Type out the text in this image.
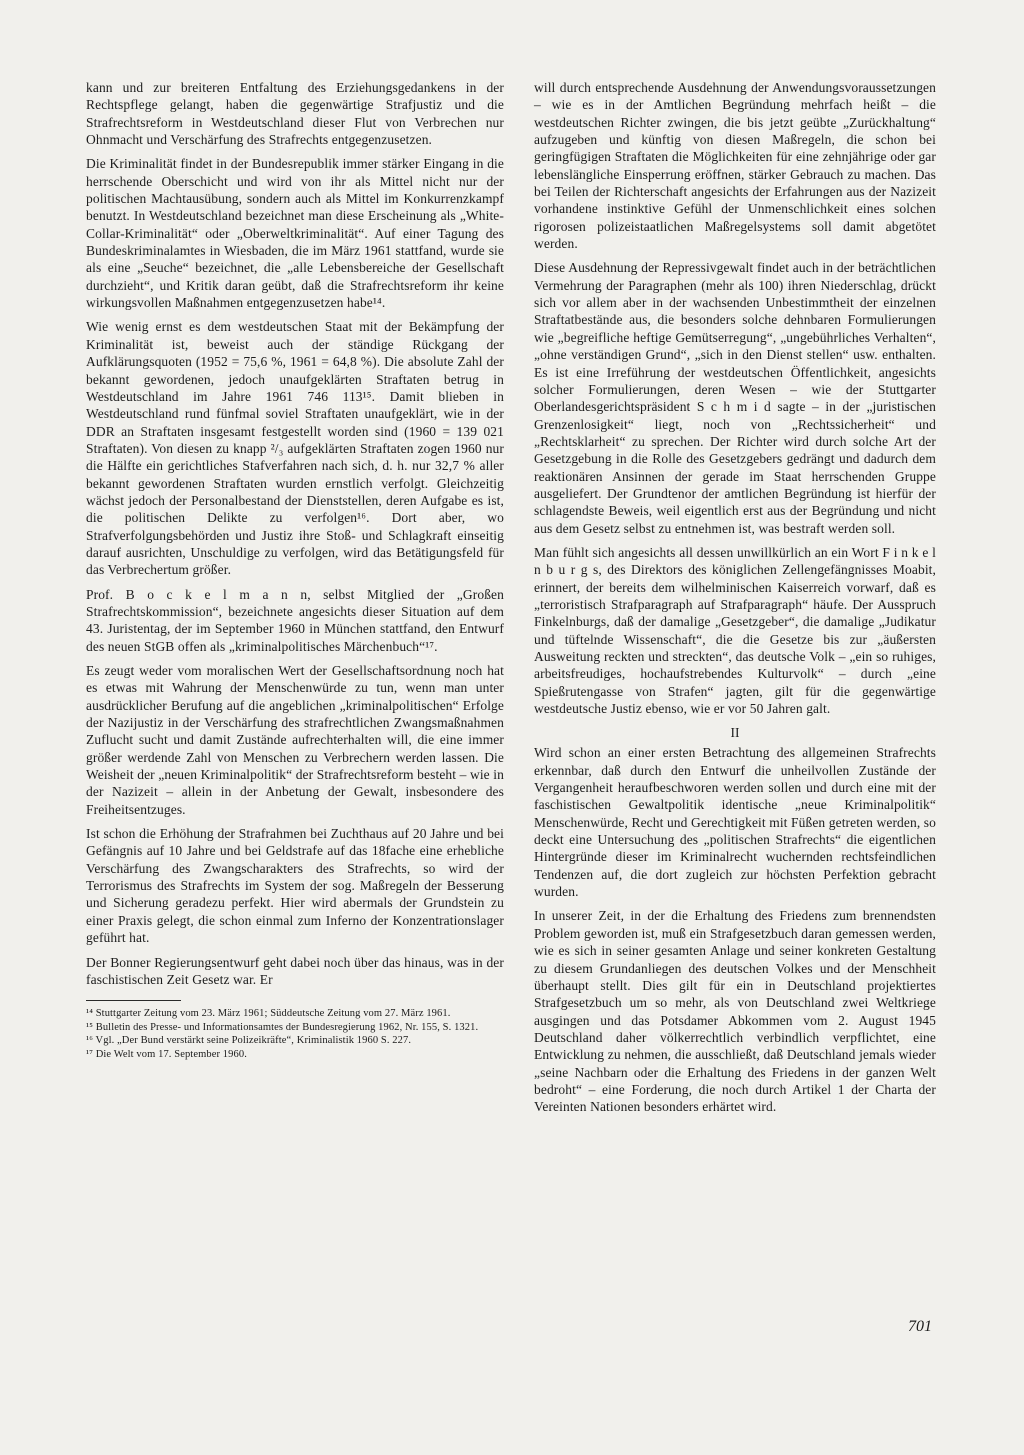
kann und zur breiteren Entfaltung des Erziehungsgedankens in der Rechtspflege gelangt, haben die gegenwärtige Strafjustiz und die Strafrechtsreform in Westdeutschland dieser Flut von Verbrechen nur Ohnmacht und Verschärfung des Strafrechts entgegenzusetzen.

Die Kriminalität findet in der Bundesrepublik immer stärker Eingang in die herrschende Oberschicht und wird von ihr als Mittel nicht nur der politischen Machtausübung, sondern auch als Mittel im Konkurrenzkampf benutzt. In Westdeutschland bezeichnet man diese Erscheinung als „White-Collar-Kriminalität“ oder „Oberweltkriminalität“. Auf einer Tagung des Bundeskriminalamtes in Wiesbaden, die im März 1961 stattfand, wurde sie als eine „Seuche“ bezeichnet, die „alle Lebensbereiche der Gesellschaft durchzieht“, und Kritik daran geübt, daß die Strafrechtsreform ihr keine wirkungsvollen Maßnahmen entgegenzusetzen habe¹⁴.

Wie wenig ernst es dem westdeutschen Staat mit der Bekämpfung der Kriminalität ist, beweist auch der ständige Rückgang der Aufklärungsquoten (1952 = 75,6 %, 1961 = 64,8 %). Die absolute Zahl der bekannt gewordenen, jedoch unaufgeklärten Straftaten betrug in Westdeutschland im Jahre 1961 746 113¹⁵. Damit blieben in Westdeutschland rund fünfmal soviel Straftaten unaufgeklärt, wie in der DDR an Straftaten insgesamt festgestellt worden sind (1960 = 139 021 Straftaten). Von diesen zu knapp ²/₃ aufgeklärten Straftaten zogen 1960 nur die Hälfte ein gerichtliches Stafverfahren nach sich, d. h. nur 32,7 % aller bekannt gewordenen Straftaten wurden ernstlich verfolgt. Gleichzeitig wächst jedoch der Personalbestand der Dienststellen, deren Aufgabe es ist, die politischen Delikte zu verfolgen¹⁶. Dort aber, wo Strafverfolgungsbehörden und Justiz ihre Stoß- und Schlagkraft einseitig darauf ausrichten, Unschuldige zu verfolgen, wird das Betätigungsfeld für das Verbrechertum größer.

Prof. B o c k e l m a n n, selbst Mitglied der „Großen Strafrechtskommission“, bezeichnete angesichts dieser Situation auf dem 43. Juristentag, der im September 1960 in München stattfand, den Entwurf des neuen StGB offen als „kriminalpolitisches Märchenbuch“¹⁷.

Es zeugt weder vom moralischen Wert der Gesellschaftsordnung noch hat es etwas mit Wahrung der Menschenwürde zu tun, wenn man unter ausdrücklicher Berufung auf die angeblichen „kriminalpolitischen“ Erfolge der Nazijustiz in der Verschärfung des strafrechtlichen Zwangsmaßnahmen Zuflucht sucht und damit Zustände aufrechterhalten will, die eine immer größer werdende Zahl von Menschen zu Verbrechern werden lassen. Die Weisheit der „neuen Kriminalpolitik“ der Strafrechtsreform besteht – wie in der Nazizeit – allein in der Anbetung der Gewalt, insbesondere des Freiheitsentzuges.

Ist schon die Erhöhung der Strafrahmen bei Zuchthaus auf 20 Jahre und bei Gefängnis auf 10 Jahre und bei Geldstrafe auf das 18fache eine erhebliche Verschärfung des Zwangscharakters des Strafrechts, so wird der Terrorismus des Strafrechts im System der sog. Maßregeln der Besserung und Sicherung geradezu perfekt. Hier wird abermals der Grundstein zu einer Praxis gelegt, die schon einmal zum Inferno der Konzentrationslager geführt hat.

Der Bonner Regierungsentwurf geht dabei noch über das hinaus, was in der faschistischen Zeit Gesetz war. Er

¹⁴ Stuttgarter Zeitung vom 23. März 1961; Süddeutsche Zeitung vom 27. März 1961.

¹⁵ Bulletin des Presse- und Informationsamtes der Bundesregierung 1962, Nr. 155, S. 1321.

¹⁶ Vgl. „Der Bund verstärkt seine Polizeikräfte“, Kriminalistik 1960 S. 227.

¹⁷ Die Welt vom 17. September 1960.

will durch entsprechende Ausdehnung der Anwendungsvoraussetzungen – wie es in der Amtlichen Begründung mehrfach heißt – die westdeutschen Richter zwingen, die bis jetzt geübte „Zurückhaltung“ aufzugeben und künftig von diesen Maßregeln, die schon bei geringfügigen Straftaten die Möglichkeiten für eine zehnjährige oder gar lebenslängliche Einsperrung eröffnen, stärker Gebrauch zu machen. Das bei Teilen der Richterschaft angesichts der Erfahrungen aus der Nazizeit vorhandene instinktive Gefühl der Unmenschlichkeit eines solchen rigorosen polizeistaatlichen Maßregelsystems soll damit abgetötet werden.

Diese Ausdehnung der Repressivgewalt findet auch in der beträchtlichen Vermehrung der Paragraphen (mehr als 100) ihren Niederschlag, drückt sich vor allem aber in der wachsenden Unbestimmtheit der einzelnen Straftatbestände aus, die besonders solche dehnbaren Formulierungen wie „begreifliche heftige Gemütserregung“, „ungebührliches Verhalten“, „ohne verständigen Grund“, „sich in den Dienst stellen“ usw. enthalten. Es ist eine Irreführung der westdeutschen Öffentlichkeit, angesichts solcher Formulierungen, deren Wesen – wie der Stuttgarter Oberlandesgerichtspräsident S c h m i d sagte – in der „juristischen Grenzenlosigkeit“ liegt, noch von „Rechtssicherheit“ und „Rechtsklarheit“ zu sprechen. Der Richter wird durch solche Art der Gesetzgebung in die Rolle des Gesetzgebers gedrängt und dadurch dem reaktionären Ansinnen der gerade im Staat herrschenden Gruppe ausgeliefert. Der Grundtenor der amtlichen Begründung ist hierfür der schlagendste Beweis, weil eigentlich erst aus der Begründung und nicht aus dem Gesetz selbst zu entnehmen ist, was bestraft werden soll.

Man fühlt sich angesichts all dessen unwillkürlich an ein Wort F i n k e l n b u r g s, des Direktors des königlichen Zellengefängnisses Moabit, erinnert, der bereits dem wilhelminischen Kaiserreich vorwarf, daß es „terroristisch Strafparagraph auf Strafparagraph“ häufe. Der Ausspruch Finkelnburgs, daß der damalige „Gesetzgeber“, die damalige „Judikatur und tüftelnde Wissenschaft“, die die Gesetze bis zur „äußersten Ausweitung reckten und streckten“, das deutsche Volk – „ein so ruhiges, arbeitsfreudiges, hochaufstrebendes Kulturvolk“ – durch „eine Spießrutengasse von Strafen“ jagten, gilt für die gegenwärtige westdeutsche Justiz ebenso, wie er vor 50 Jahren galt.

II

Wird schon an einer ersten Betrachtung des allgemeinen Strafrechts erkennbar, daß durch den Entwurf die unheilvollen Zustände der Vergangenheit heraufbeschworen werden sollen und durch eine mit der faschistischen Gewaltpolitik identische „neue Kriminalpolitik“ Menschenwürde, Recht und Gerechtigkeit mit Füßen getreten werden, so deckt eine Untersuchung des „politischen Strafrechts“ die eigentlichen Hintergründe dieser im Kriminalrecht wuchernden rechtsfeindlichen Tendenzen auf, die dort zugleich zur höchsten Perfektion gebracht wurden.

In unserer Zeit, in der die Erhaltung des Friedens zum brennendsten Problem geworden ist, muß ein Strafgesetzbuch daran gemessen werden, wie es sich in seiner gesamten Anlage und seiner konkreten Gestaltung zu diesem Grundanliegen des deutschen Volkes und der Menschheit überhaupt stellt. Dies gilt für ein in Deutschland projektiertes Strafgesetzbuch um so mehr, als von Deutschland zwei Weltkriege ausgingen und das Potsdamer Abkommen vom 2. August 1945 Deutschland daher völkerrechtlich verbindlich verpflichtet, eine Entwicklung zu nehmen, die ausschließt, daß Deutschland jemals wieder „seine Nachbarn oder die Erhaltung des Friedens in der ganzen Welt bedroht“ – eine Forderung, die noch durch Artikel 1 der Charta der Vereinten Nationen besonders erhärtet wird.

701
